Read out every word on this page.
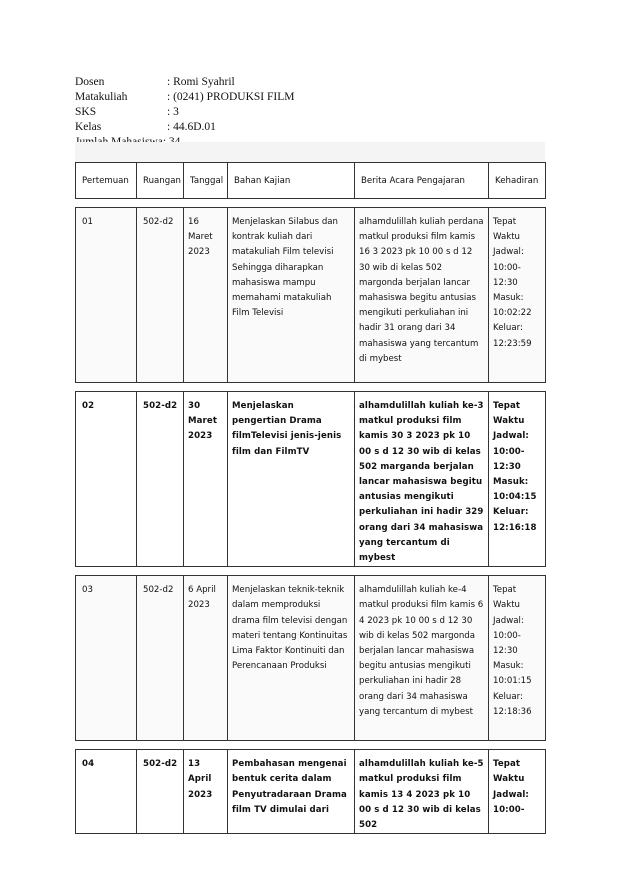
Dosen	: Romi Syahril
Matakuliah	: (0241) PRODUKSI FILM
SKS	: 3
Kelas	: 44.6D.01
Pertemuan	Ruangan	Tanggal	Bahan Kajian	Berita Acara Pengajaran	Kehadiran

01	502-d2	16 Maret 2023	Menjelaskan Silabus dan kontrak kuliah dari matakuliah Film televisi Sehingga diharapkan mahasiswa mampu memahami matakuliah Film Televisi	alhamdulillah kuliah perdana matkul produksi film kamis 16 3 2023 pk 10 00 s d 12 30 wib di kelas 502 margonda berjalan lancar mahasiswa begitu antusias mengikuti perkuliahan ini hadir 31 orang dari 34 mahasiswa yang tercantum di mybest	Tepat Waktu Jadwal: 10:00-12:30 Masuk: 10:02:22 Keluar: 12:23:59

02	502-d2	30 Maret 2023	Menjelaskan pengertian Drama filmTelevisi jenis-jenis film dan FilmTV	alhamdulillah kuliah ke-3 matkul produksi film kamis 30 3 2023 pk 10 00 s d 12 30 wib di kelas 502 marganda berjalan lancar mahasiswa begitu antusias mengikuti perkuliahan ini hadir 329 orang dari 34 mahasiswa yang tercantum di mybest	Tepat Waktu Jadwal: 10:00-12:30 Masuk: 10:04:15 Keluar: 12:16:18

03	502-d2	6 April 2023	Menjelaskan teknik-teknik dalam memproduksi drama film televisi dengan materi tentang Kontinuitas Lima Faktor Kontinuiti dan Perencanaan Produksi	alhamdulillah kuliah ke-4 matkul produksi film kamis 6 4 2023 pk 10 00 s d 12 30 wib di kelas 502 margonda berjalan lancar mahasiswa begitu antusias mengikuti perkuliahan ini hadir 28 orang dari 34 mahasiswa yang tercantum di mybest	Tepat Waktu Jadwal: 10:00-12:30 Masuk: 10:01:15 Keluar: 12:18:36

04	502-d2	13 April 2023	Pembahasan mengenai bentuk cerita dalam Penyutradaraan Drama film TV dimulai dari	alhamdulillah kuliah ke-5 matkul produksi film kamis 13 4 2023 pk 10 00 s d 12 30 wib di kelas 502	Tepat Waktu Jadwal: 10:00-
